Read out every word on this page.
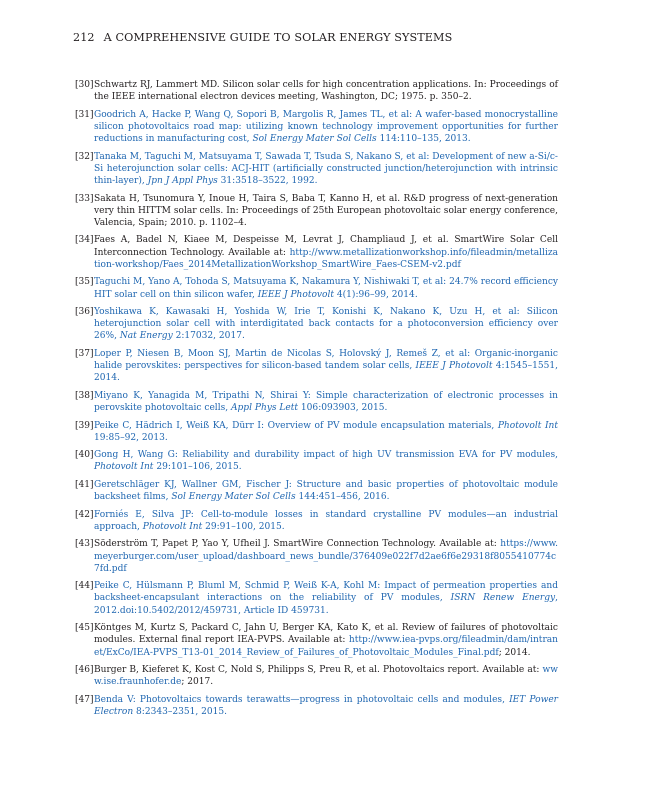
212 A COMPREHENSIVE GUIDE TO SOLAR ENERGY SYSTEMS
[30] Schwartz RJ, Lammert MD. Silicon solar cells for high concentration applications. In: Proceedings of the IEEE international electron devices meeting, Washington, DC; 1975. p. 350–2.
[31] Goodrich A, Hacke P, Wang Q, Sopori B, Margolis R, James TL, et al: A wafer-based monocrystalline silicon photovoltaics road map: utilizing known technology improvement opportunities for further reductions in manufacturing cost, Sol Energy Mater Sol Cells 114:110–135, 2013.
[32] Tanaka M, Taguchi M, Matsuyama T, Sawada T, Tsuda S, Nakano S, et al: Development of new a-Si/c-Si heterojunction solar cells: ACJ-HIT (artificially constructed junction/heterojunction with intrinsic thin-layer), Jpn J Appl Phys 31:3518–3522, 1992.
[33] Sakata H, Tsunomura Y, Inoue H, Taira S, Baba T, Kanno H, et al. R&D progress of next-generation very thin HITTM solar cells. In: Proceedings of 25th European photovoltaic solar energy conference, Valencia, Spain; 2010. p. 1102–4.
[34] Faes A, Badel N, Kiaee M, Despeisse M, Levrat J, Champliaud J, et al. SmartWire Solar Cell Interconnection Technology. Available at: http://www.metallizationworkshop.info/fileadmin/metallization-workshop/Faes_2014MetallizationWorkshop_SmartWire_Faes-CSEM-v2.pdf
[35] Taguchi M, Yano A, Tohoda S, Matsuyama K, Nakamura Y, Nishiwaki T, et al: 24.7% record efficiency HIT solar cell on thin silicon wafer, IEEE J Photovolt 4(1):96–99, 2014.
[36] Yoshikawa K, Kawasaki H, Yoshida W, Irie T, Konishi K, Nakano K, Uzu H, et al: Silicon heterojunction solar cell with interdigitated back contacts for a photoconversion efficiency over 26%, Nat Energy 2:17032, 2017.
[37] Loper P, Niesen B, Moon SJ, Martin de Nicolas S, Holovský J, Remeš Z, et al: Organic-inorganic halide perovskites: perspectives for silicon-based tandem solar cells, IEEE J Photovolt 4:1545–1551, 2014.
[38] Miyano K, Yanagida M, Tripathi N, Shirai Y: Simple characterization of electronic processes in perovskite photovoltaic cells, Appl Phys Lett 106:093903, 2015.
[39] Peike C, Hädrich I, Weiß KA, Dürr I: Overview of PV module encapsulation materials, Photovolt Int 19:85–92, 2013.
[40] Gong H, Wang G: Reliability and durability impact of high UV transmission EVA for PV modules, Photovolt Int 29:101–106, 2015.
[41] Geretschläger KJ, Wallner GM, Fischer J: Structure and basic properties of photovoltaic module backsheet films, Sol Energy Mater Sol Cells 144:451–456, 2016.
[42] Forniés E, Silva JP: Cell-to-module losses in standard crystalline PV modules—an industrial approach, Photovolt Int 29:91–100, 2015.
[43] Söderström T, Papet P, Yao Y, Ufheil J. SmartWire Connection Technology. Available at: https://www.meyerburger.com/user_upload/dashboard_news_bundle/376409e022f7d2ae6f6e29318f8055410774c7fd.pdf
[44] Peike C, Hülsmann P, Bluml M, Schmid P, Weiß K-A, Kohl M: Impact of permeation properties and backsheet-encapsulant interactions on the reliability of PV modules, ISRN Renew Energy, 2012.doi:10.5402/2012/459731, Article ID 459731.
[45] Köntges M, Kurtz S, Packard C, Jahn U, Berger KA, Kato K, et al. Review of failures of photovoltaic modules. External final report IEA-PVPS. Available at: http://www.iea-pvps.org/fileadmin/dam/intranet/ExCo/IEA-PVPS_T13-01_2014_Review_of_Failures_of_Photovoltaic_Modules_Final.pdf; 2014.
[46] Burger B, Kieferet K, Kost C, Nold S, Philipps S, Preu R, et al. Photovoltaics report. Available at: www.ise.fraunhofer.de; 2017.
[47] Benda V: Photovoltaics towards terawatts—progress in photovoltaic cells and modules, IET Power Electron 8:2343–2351, 2015.
